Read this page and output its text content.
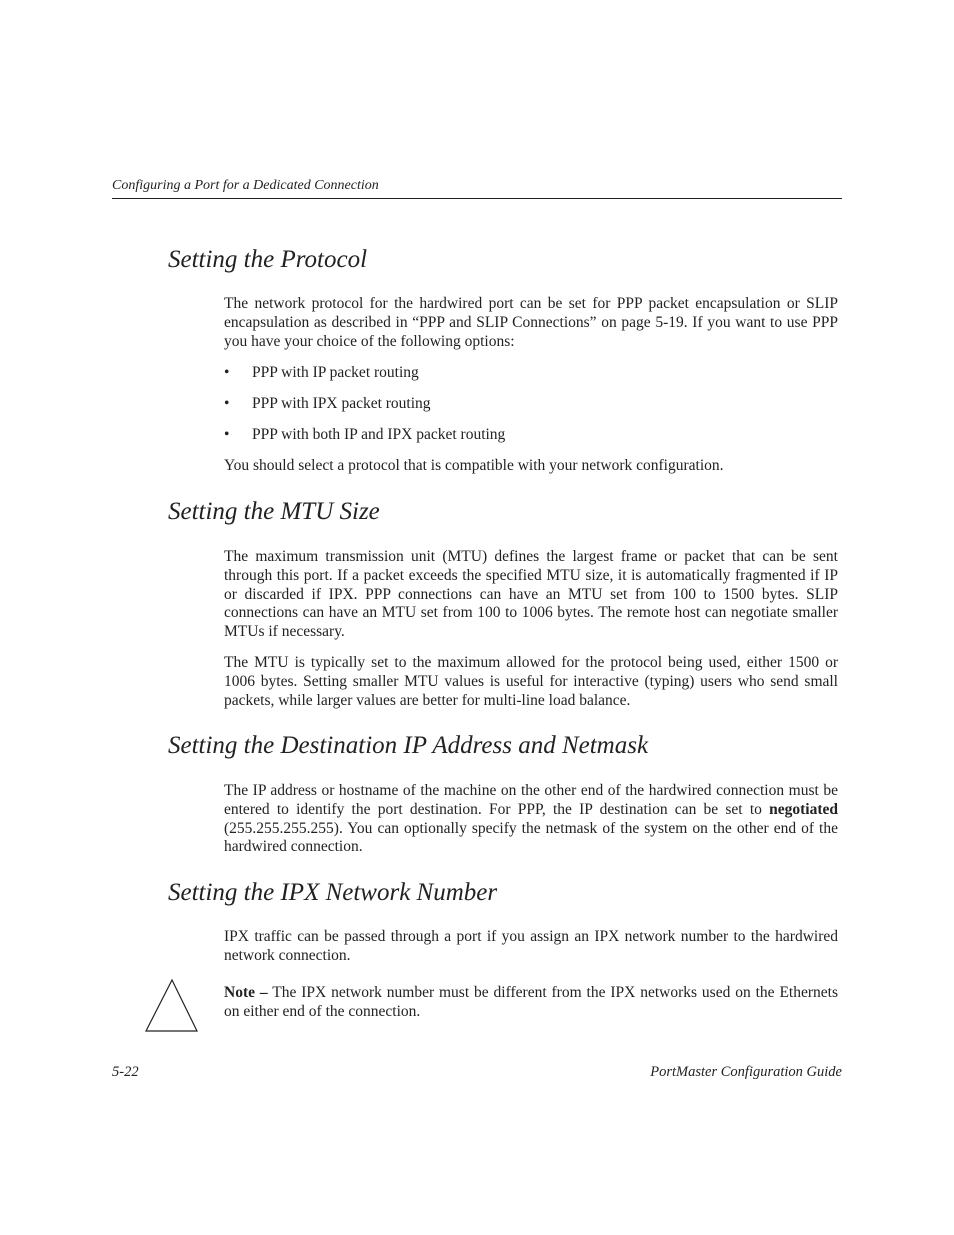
Configuring a Port for a Dedicated Connection
Setting the Protocol

The network protocol for the hardwired port can be set for PPP packet encapsulation or SLIP encapsulation as described in “PPP and SLIP Connections” on page 5-19. If you want to use PPP you have your choice of the following options:

• PPP with IP packet routing
• PPP with IPX packet routing
• PPP with both IP and IPX packet routing

You should select a protocol that is compatible with your network configuration.

Setting the MTU Size

The maximum transmission unit (MTU) defines the largest frame or packet that can be sent through this port. If a packet exceeds the specified MTU size, it is automatically fragmented if IP or discarded if IPX. PPP connections can have an MTU set from 100 to 1500 bytes. SLIP connections can have an MTU set from 100 to 1006 bytes. The remote host can negotiate smaller MTUs if necessary.

The MTU is typically set to the maximum allowed for the protocol being used, either 1500 or 1006 bytes. Setting smaller MTU values is useful for interactive (typing) users who send small packets, while larger values are better for multi-line load balance.

Setting the Destination IP Address and Netmask

The IP address or hostname of the machine on the other end of the hardwired connection must be entered to identify the port destination. For PPP, the IP destination can be set to negotiated (255.255.255.255). You can optionally specify the netmask of the system on the other end of the hardwired connection.

Setting the IPX Network Number

IPX traffic can be passed through a port if you assign an IPX network number to the hardwired network connection.

Note – The IPX network number must be different from the IPX networks used on the Ethernets on either end of the connection.

5-22	PortMaster Configuration Guide
